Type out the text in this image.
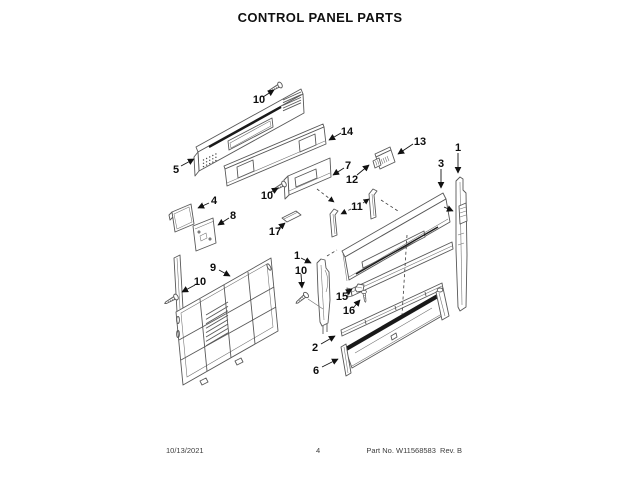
CONTROL PANEL PARTS
10
14
5	7
13
12
3
1
4
8
10
11
17
1
10
9
10
15
16
2
6
10/13/2021	4	Part No. W11568583  Rev. B
